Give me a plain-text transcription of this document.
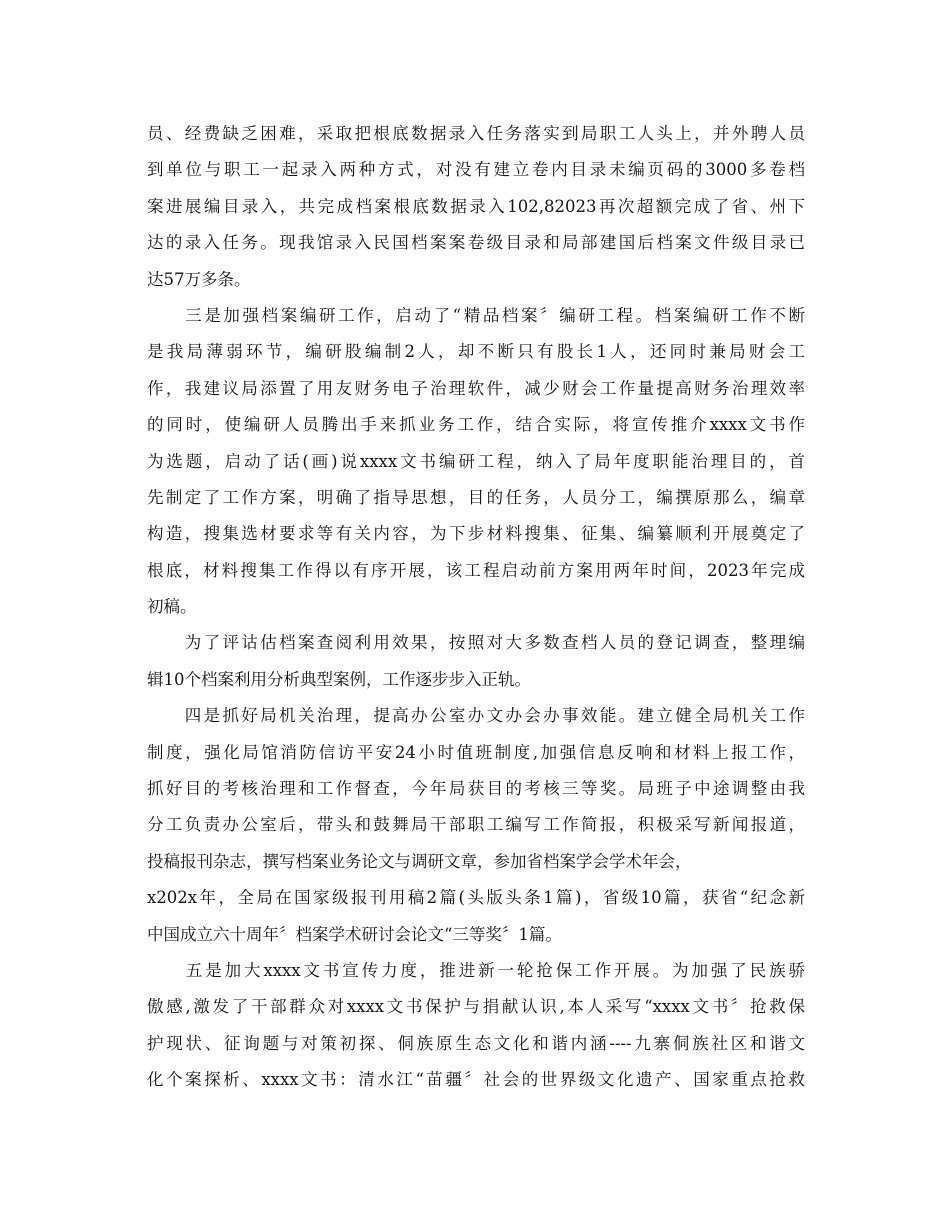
员、经费缺乏困难，采取把根底数据录入任务落实到局职工人头上，并外聘人员
到单位与职工一起录入两种方式，对没有建立卷内目录未编页码的3000多卷档
案进展编目录入，共完成档案根底数据录入102,82023再次超额完成了省、州下
达的录入任务。现我馆录入民国档案案卷级目录和局部建国后档案文件级目录已
达57万多条。
　　三是加强档案编研工作，启动了“精品档案〞编研工程。档案编研工作不断
是我局薄弱环节，编研股编制2人，却不断只有股长1人，还同时兼局财会工
作，我建议局添置了用友财务电子治理软件，减少财会工作量提高财务治理效率
的同时，使编研人员腾出手来抓业务工作，结合实际，将宣传推介xxxx文书作
为选题，启动了话(画)说xxxx文书编研工程，纳入了局年度职能治理目的，首
先制定了工作方案，明确了指导思想，目的任务，人员分工，编撰原那么，编章
构造，搜集选材要求等有关内容，为下步材料搜集、征集、编纂顺利开展奠定了
根底，材料搜集工作得以有序开展，该工程启动前方案用两年时间，2023年完成
初稿。
　　为了评诂估档案查阅利用效果，按照对大多数查档人员的登记调查，整理编
辑10个档案利用分析典型案例，工作逐步步入正轨。
　　四是抓好局机关治理，提高办公室办文办会办事效能。建立健全局机关工作
制度，强化局馆消防信访平安24小时值班制度,加强信息反响和材料上报工作，
抓好目的考核治理和工作督查，今年局获目的考核三等奖。局班子中途调整由我
分工负责办公室后，带头和鼓舞局干部职工编写工作简报，积极采写新闻报道，
投稿报刊杂志，撰写档案业务论文与调研文章，参加省档案学会学术年会，
x202x年，全局在国家级报刊用稿2篇(头版头条1篇)，省级10篇，获省“纪念新
中国成立六十周年〞档案学术研讨会论文“三等奖〞1篇。
　　五是加大xxxx文书宣传力度，推进新一轮抢保工作开展。为加强了民族骄
傲感,激发了干部群众对xxxx文书保护与捐献认识,本人采写“xxxx文书〞抢救保
护现状、征询题与对策初探、侗族原生态文化和谐内涵----九寨侗族社区和谐文
化个案探析、xxxx文书：清水江“苗疆〞社会的世界级文化遗产、国家重点抢救
